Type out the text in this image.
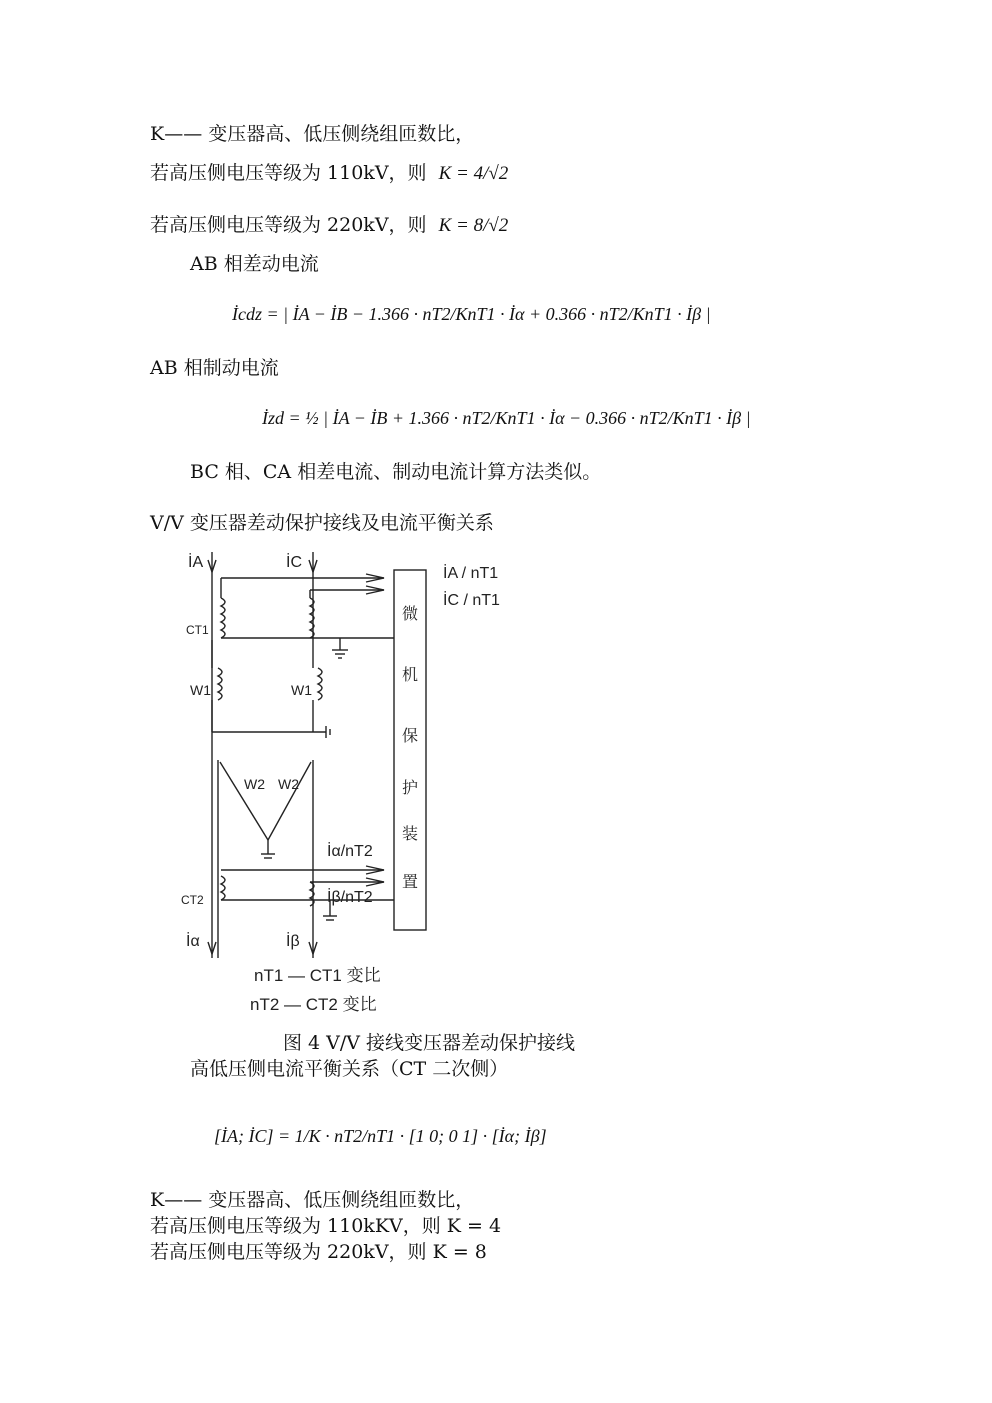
K—— 变压器高、低压侧绕组匝数比，
若高压侧电压等级为 110kV，则 K = 4/√2
若高压侧电压等级为 220kV，则 K = 8/√2
AB 相差动电流
İcdz = | İA − İB − 1.366 · nT2/KnT1 · İα + 0.366 · nT2/KnT1 · İβ |
AB 相制动电流
İzd = ½ | İA − İB + 1.366 · nT2/KnT1 · İα − 0.366 · nT2/KnT1 · İβ |
BC 相、CA 相差电流、制动电流计算方法类似。
V/V 变压器差动保护接线及电流平衡关系
İA	İC
İA / nT1
İC / nT1
CT1
W1	W1
W2 W2
İα/nT2
CT2	İβ/nT2
İα	İβ
微
机
保
护
装
置
nT1 — CT1 变比
nT2 — CT2 变比
图 4 V/V 接线变压器差动保护接线
高低压侧电流平衡关系（CT 二次侧）
[İA; İC] = 1/K · nT2/nT1 · [1 0; 0 1] · [İα; İβ]
K—— 变压器高、低压侧绕组匝数比，
若高压侧电压等级为 110kKV，则 K = 4
若高压侧电压等级为 220kV，则 K = 8
